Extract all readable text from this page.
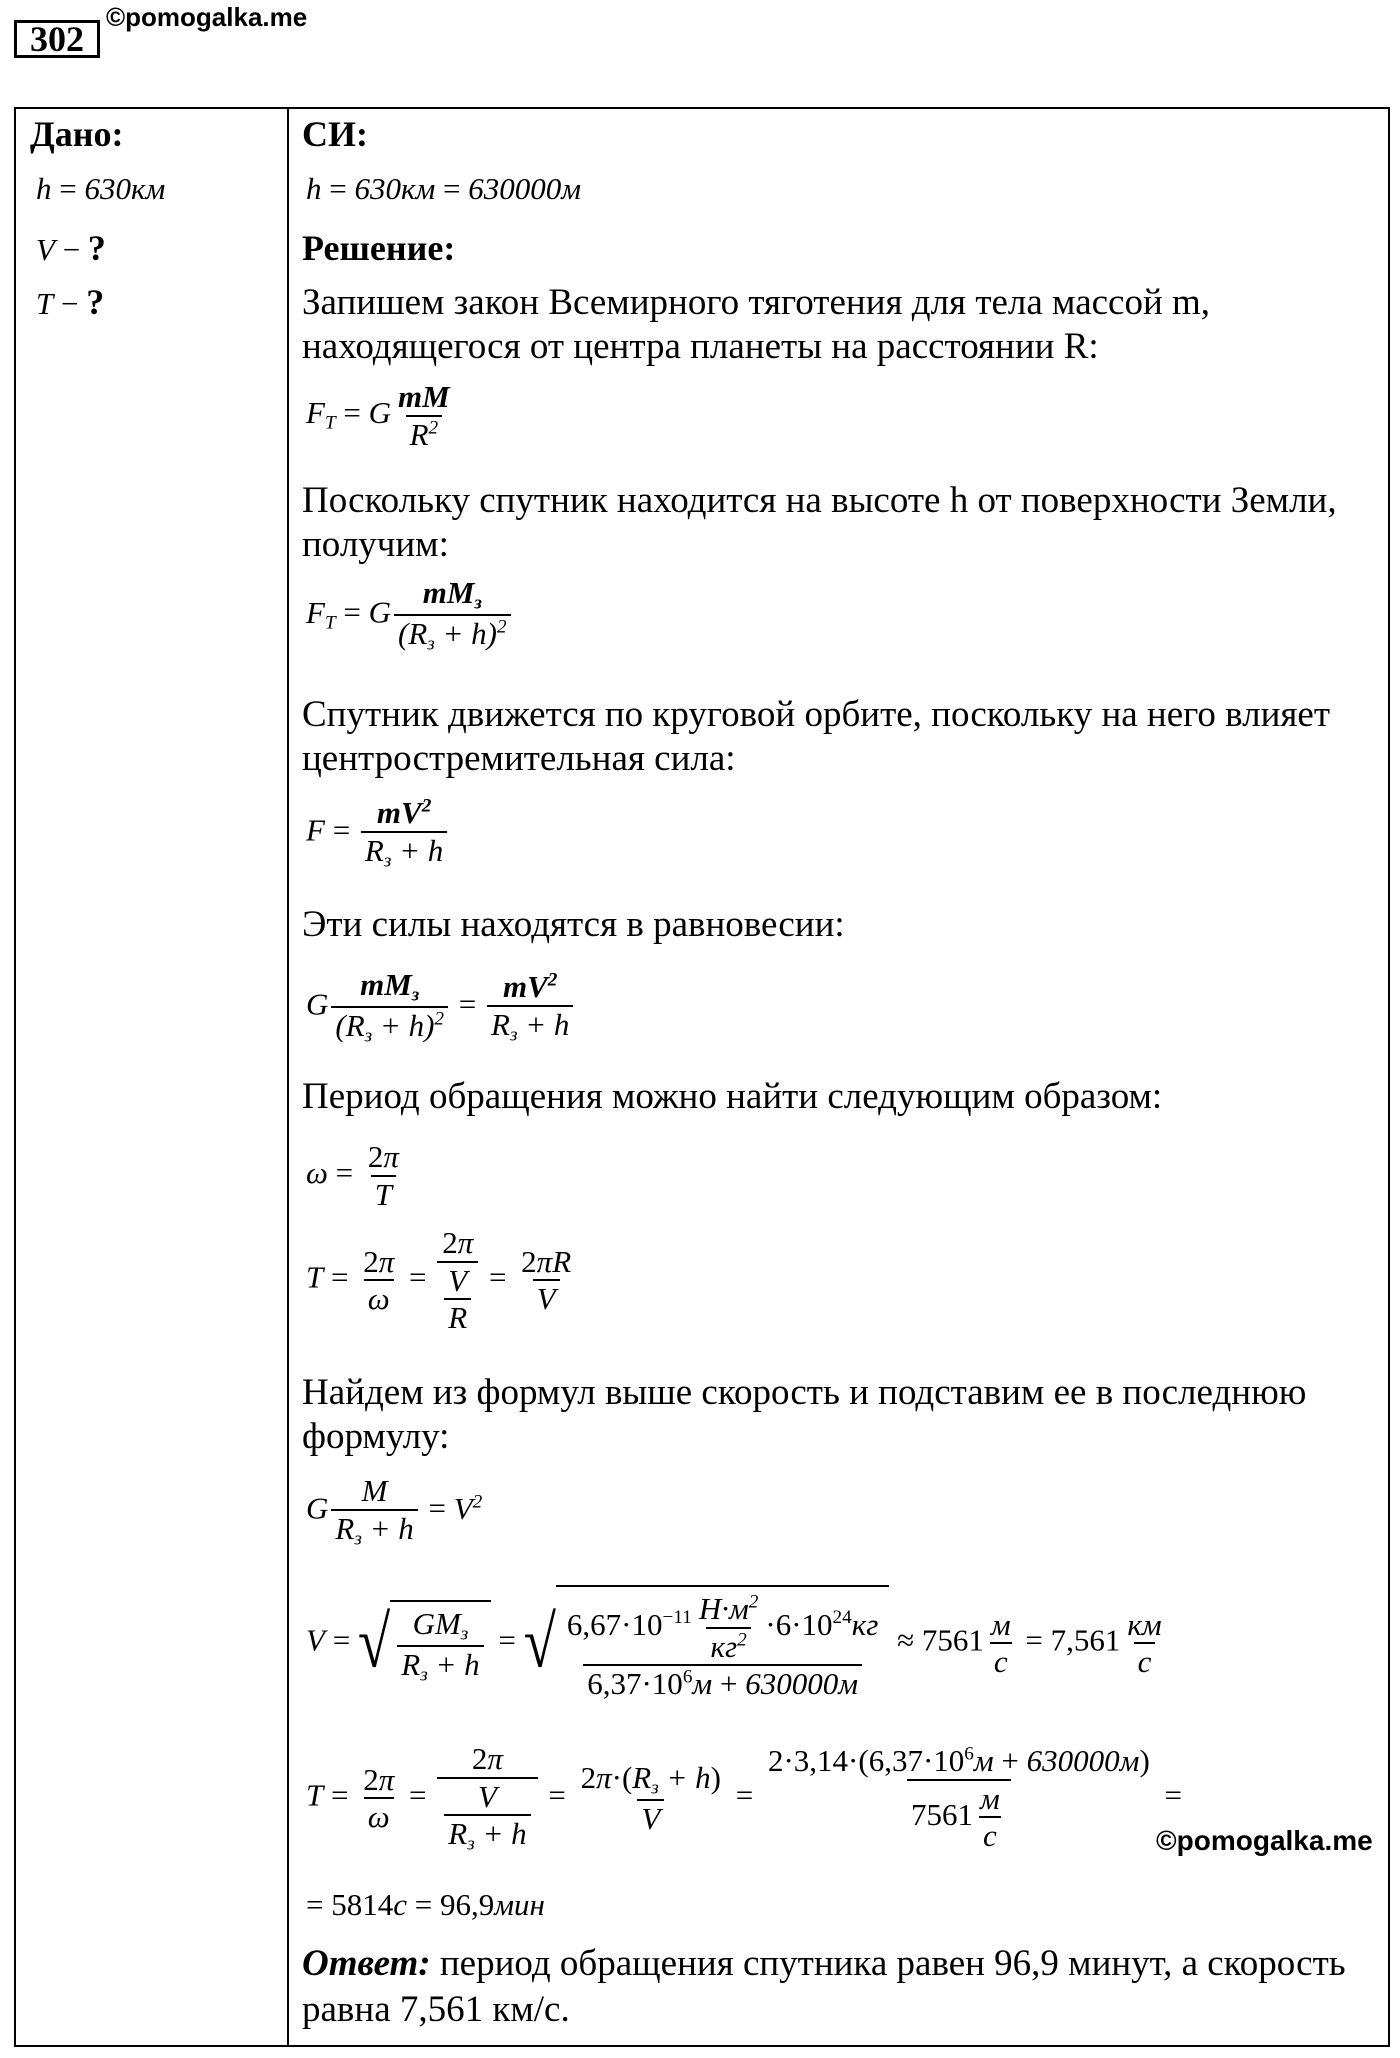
302
©pomogalka.me
Дано:
h = 630км
V − ?
T − ?
СИ:
h = 630км = 630000м
Решение:
Запишем закон Всемирного тяготения для тела массой m, находящегося от центра планеты на расстоянии R:
$F_T = G \frac{mM}{R^2}$
Поскольку спутник находится на высоте h от поверхности Земли, получим:
$F_T = G \frac{mM_з}{(R_з + h)^2}$
Спутник движется по круговой орбите, поскольку на него влияет центростремительная сила:
$F = \frac{mV^2}{R_з + h}$
Эти силы находятся в равновесии:
G $\frac{mM_з}{(R_з + h)^2} = \frac{mV^2}{R_з + h}$
Период обращения можно найти следующим образом:
$\omega = \frac{2\pi}{T}$
$T = \frac{2\pi}{\omega} = \frac{2\pi}{\frac{V}{R}} = \frac{2\pi R}{V}$
Найдем из формул выше скорость и подставим ее в последнюю формулу:
G $\frac{M}{R_з + h} = V^2$
V = √ $\frac{GM_з}{R_з + h}$ = √ $\frac{6,67\cdot 10^{-11} \frac{Н\cdot м^2}{кг^2} \cdot 6\cdot 10^{24}кг}{6,37\cdot 10^6м + 630000м} \approx 7561 \frac{м}{с} = 7,561 \frac{км}{с}$
$T = \frac{2\pi}{\omega} = \frac{2\pi}{\frac{V}{R_з + h}} = \frac{2\pi\cdot(R_з + h)}{V} = \frac{2\cdot 3,14\cdot(6,37\cdot 10^6м + 630000м)}{7561 \frac{м}{с}}$ =
= 5814с = 96,9мин
Ответ: период обращения спутника равен 96,9 минут, а скорость равна 7,561 км/с.
©pomogalka.me
